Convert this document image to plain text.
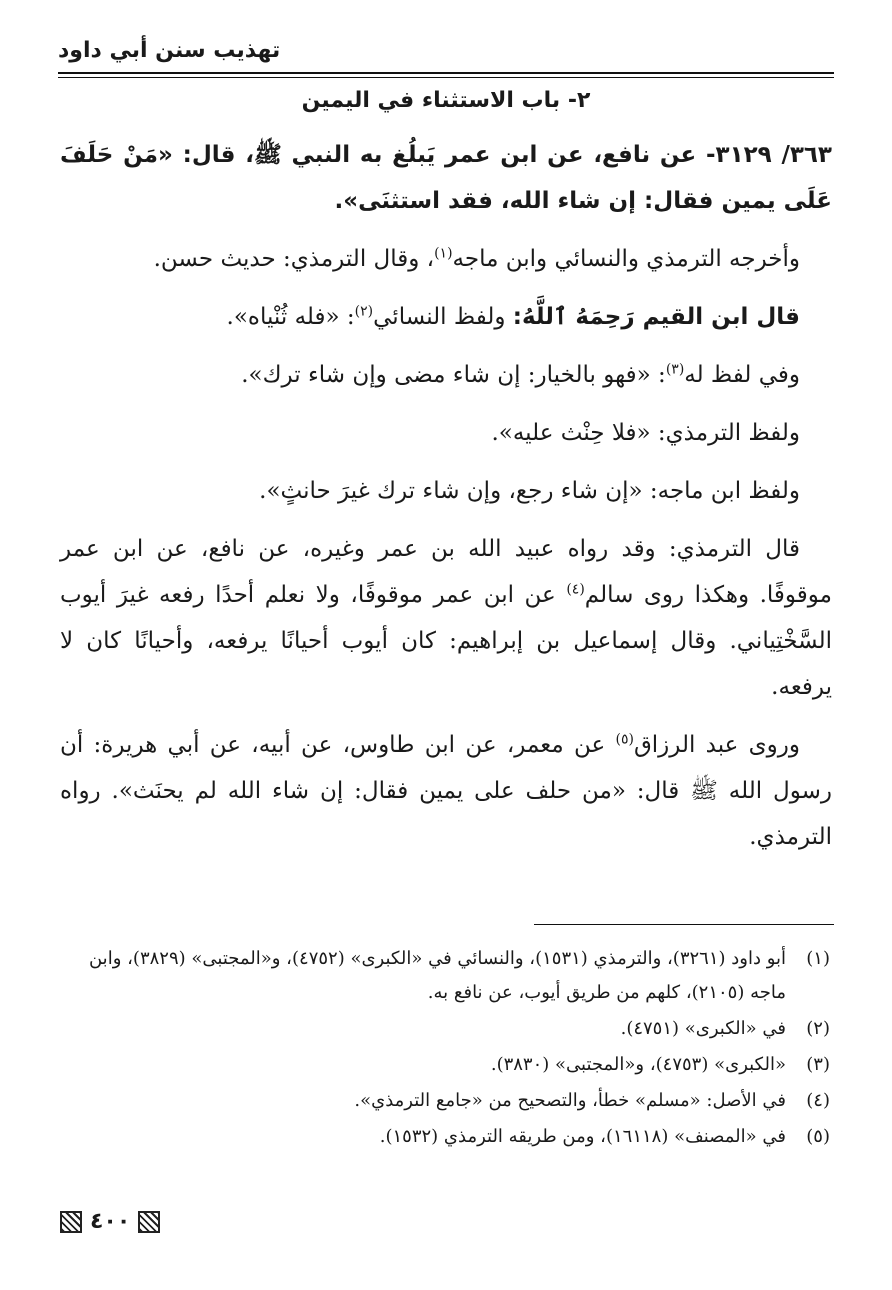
تهذيب سنن أبي داود
٢- باب الاستثناء في اليمين

٣٦٣/ ٣١٢٩- عن نافع، عن ابن عمر يَبلُغ به النبي ﷺ، قال: «مَنْ حَلَفَ عَلَى يمين فقال: إن شاء الله، فقد استثنَى».

وأخرجه الترمذي والنسائي وابن ماجه$^{(١)}$، وقال الترمذي: حديث حسن.

قال ابن القيم رَحِمَهُ ٱللَّهُ: ولفظ النسائي$^{(٢)}$: «فله ثُنْياه».

وفي لفظ له$^{(٣)}$: «فهو بالخيار: إن شاء مضى وإن شاء ترك».

ولفظ الترمذي: «فلا حِنْث عليه».

ولفظ ابن ماجه: «إن شاء رجع، وإن شاء ترك غيرَ حانثٍ».

قال الترمذي: وقد رواه عبيد الله بن عمر وغيره، عن نافع، عن ابن عمر موقوفًا. وهكذا روى سالم$^{(٤)}$ عن ابن عمر موقوفًا، ولا نعلم أحدًا رفعه غيرَ أيوب السَّخْتِياني. وقال إسماعيل بن إبراهيم: كان أيوب أحيانًا يرفعه، وأحيانًا كان لا يرفعه.

وروى عبد الرزاق$^{(٥)}$ عن معمر، عن ابن طاوس، عن أبيه، عن أبي هريرة: أن رسول الله ﷺ قال: «من حلف على يمين فقال: إن شاء الله لم يحنَث». رواه الترمذي.

(١)
أبو داود (٣٢٦١)، والترمذي (١٥٣١)، والنسائي في «الكبرى» (٤٧٥٢)، و«المجتبى» (٣٨٢٩)، وابن ماجه (٢١٠٥)، كلهم من طريق أيوب، عن نافع به.

(٢)
في «الكبرى» (٤٧٥١).

(٣)
«الكبرى» (٤٧٥٣)، و«المجتبى» (٣٨٣٠).

(٤)
في الأصل: «مسلم» خطأ، والتصحيح من «جامع الترمذي».

(٥)
في «المصنف» (١٦١١٨)، ومن طريقه الترمذي (١٥٣٢).

٤٠٠
